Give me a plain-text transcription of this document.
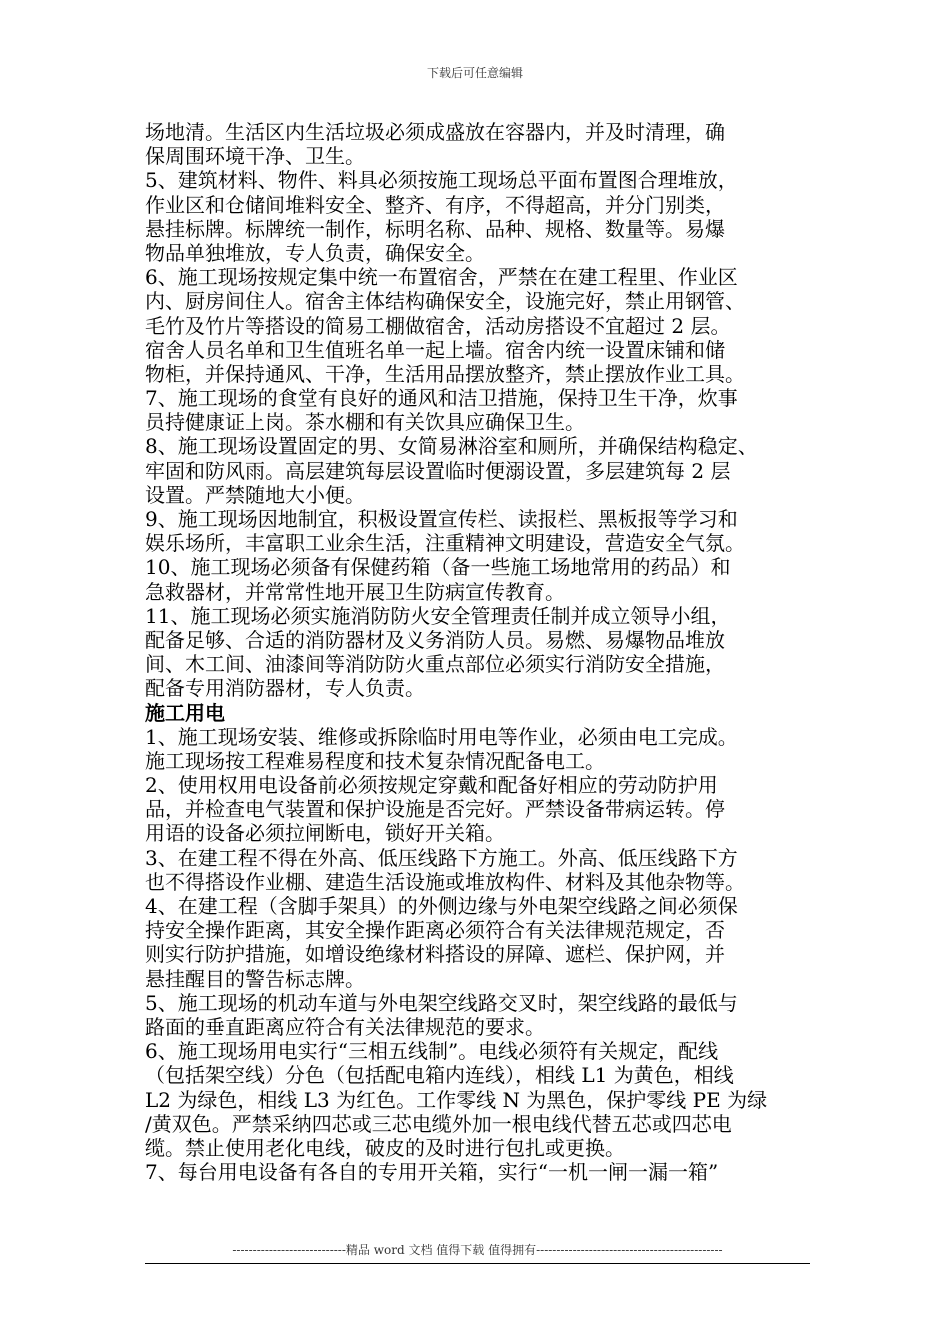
下载后可任意编辑
场地清。生活区内生活垃圾必须成盛放在容器内，并及时清理，确
保周围环境干净、卫生。
5、建筑材料、物件、料具必须按施工现场总平面布置图合理堆放，
作业区和仓储间堆料安全、整齐、有序，不得超高，并分门别类，
悬挂标牌。标牌统一制作，标明名称、品种、规格、数量等。易爆
物品单独堆放，专人负责，确保安全。
6、施工现场按规定集中统一布置宿舍，严禁在在建工程里、作业区
内、厨房间住人。宿舍主体结构确保安全，设施完好，禁止用钢管、
毛竹及竹片等搭设的简易工棚做宿舍，活动房搭设不宜超过 2 层。
宿舍人员名单和卫生值班名单一起上墙。宿舍内统一设置床铺和储
物柜，并保持通风、干净，生活用品摆放整齐，禁止摆放作业工具。
7、施工现场的食堂有良好的通风和洁卫措施，保持卫生干净，炊事
员持健康证上岗。茶水棚和有关饮具应确保卫生。
8、施工现场设置固定的男、女简易淋浴室和厕所，并确保结构稳定、
牢固和防风雨。高层建筑每层设置临时便溺设置，多层建筑每 2 层
设置。严禁随地大小便。
9、施工现场因地制宜，积极设置宣传栏、读报栏、黑板报等学习和
娱乐场所，丰富职工业余生活，注重精神文明建设，营造安全气氛。
10、施工现场必须备有保健药箱（备一些施工场地常用的药品）和
急救器材，并常常性地开展卫生防病宣传教育。
11、施工现场必须实施消防防火安全管理责任制并成立领导小组，
配备足够、合适的消防器材及义务消防人员。易燃、易爆物品堆放
间、木工间、油漆间等消防防火重点部位必须实行消防安全措施，
配备专用消防器材，专人负责。
施工用电
1、施工现场安装、维修或拆除临时用电等作业，必须由电工完成。
施工现场按工程难易程度和技术复杂情况配备电工。
2、使用权用电设备前必须按规定穿戴和配备好相应的劳动防护用
品，并检查电气装置和保护设施是否完好。严禁设备带病运转。停
用语的设备必须拉闸断电，锁好开关箱。
3、在建工程不得在外高、低压线路下方施工。外高、低压线路下方
也不得搭设作业棚、建造生活设施或堆放构件、材料及其他杂物等。
4、在建工程（含脚手架具）的外侧边缘与外电架空线路之间必须保
持安全操作距离，其安全操作距离必须符合有关法律规范规定，否
则实行防护措施，如增设绝缘材料搭设的屏障、遮栏、保护网，并
悬挂醒目的警告标志牌。
5、施工现场的机动车道与外电架空线路交叉时，架空线路的最低与
路面的垂直距离应符合有关法律规范的要求。
6、施工现场用电实行“三相五线制”。电线必须符有关规定，配线
（包括架空线）分色（包括配电箱内连线），相线 L1 为黄色，相线
L2 为绿色，相线 L3 为红色。工作零线 N 为黑色，保护零线 PE 为绿
/黄双色。严禁采纳四芯或三芯电缆外加一根电线代替五芯或四芯电
缆。禁止使用老化电线，破皮的及时进行包扎或更换。
7、每台用电设备有各自的专用开关箱，实行“一机一闸一漏一箱”
----------------------------精品 word 文档 值得下载 值得拥有----------------------------------------------
